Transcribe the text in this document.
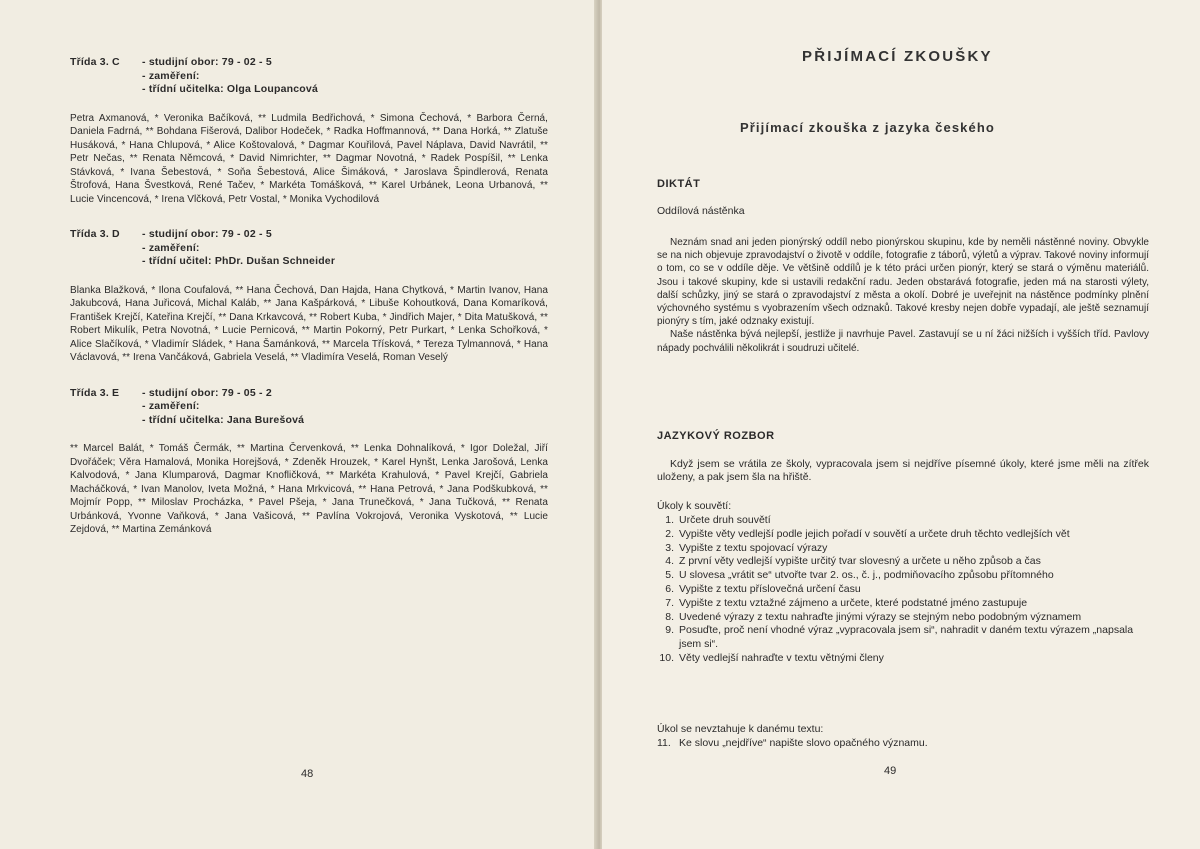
Třída 3. C	- studijní obor: 79 - 02 - 5
- zaměření:
- třídní učitelka: Olga Loupancová
Petra Axmanová, * Veronika Bačíková, ** Ludmila Bedřichová, * Simona Čechová, * Barbora Černá, Daniela Fadrná, ** Bohdana Fišerová, Dalibor Hodeček, * Radka Hoffmannová, ** Dana Horká, ** Zlatuše Husáková, * Hana Chlupová, * Alice Koštovalová, * Dagmar Kouřilová, Pavel Náplava, David Navrátil, ** Petr Nečas, ** Renata Němcová, * David Nimrichter, ** Dagmar Novotná, * Radek Pospíšil, ** Lenka Stávková, * Ivana Šebestová, * Soňa Šebestová, Alice Šimáková, * Jaroslava Špindlerová, Renata Štrofová, Hana Švestková, René Tačev, * Markéta Tomášková, ** Karel Urbánek, Leona Urbanová, ** Lucie Vincencová, * Irena Vlčková, Petr Vostal, * Monika Vychodilová
Třída 3. D	- studijní obor: 79 - 02 - 5
- zaměření:
- třídní učitel: PhDr. Dušan Schneider
Blanka Blažková, * Ilona Coufalová, ** Hana Čechová, Dan Hajda, Hana Chytková, * Martin Ivanov, Hana Jakubcová, Hana Juřicová, Michal Kaláb, ** Jana Kašpárková, * Libuše Kohoutková, Dana Komaríková, František Krejčí, Kateřina Krejčí, ** Dana Krkavcová, ** Robert Kuba, * Jindřich Majer, * Dita Matušková, ** Robert Mikulík, Petra Novotná, * Lucie Pernicová, ** Martin Pokorný, Petr Purkart, * Lenka Schořková, * Alice Slačíková, * Vladimír Sládek, * Hana Šamánková, ** Marcela Třísková, * Tereza Tylmannová, * Hana Václavová, ** Irena Vančáková, Gabriela Veselá, ** Vladimíra Veselá, Roman Veselý
Třída 3. E	- studijní obor: 79 - 05 - 2
- zaměření:
- třídní učitelka: Jana Burešová
** Marcel Balát, * Tomáš Čermák, ** Martina Červenková, ** Lenka Dohnalíková, * Igor Doležal, Jiří Dvořáček; Věra Hamalová, Monika Horejšová, * Zdeněk Hrouzek, * Karel Hynšt, Lenka Jarošová, Lenka Kalvodová, * Jana Klumparová, Dagmar Knofličková, ** Markéta Krahulová, * Pavel Krejčí, Gabriela Macháčková, * Ivan Manolov, Iveta Možná, * Hana Mrkvicová, ** Hana Petrová, * Jana Podškubková, ** Mojmír Popp, ** Miloslav Procházka, * Pavel Pšeja, * Jana Trunečková, * Jana Tučková, ** Renata Urbánková, Yvonne Vaňková, * Jana Vašicová, ** Pavlína Vokrojová, Veronika Vyskotová, ** Lucie Zejdová, ** Martina Zemánková
48
PŘIJÍMACÍ ZKOUŠKY
Přijímací zkouška z jazyka českého
DIKTÁT
Oddílová nástěnka
Neznám snad ani jeden pionýrský oddíl nebo pionýrskou skupinu, kde by neměli nástěnné noviny. Obvykle se na nich objevuje zpravodajství o životě v oddíle, fotografie z táborů, výletů a výprav. Takové noviny informují o tom, co se v oddíle děje. Ve většině oddílů je k této práci určen pionýr, který se stará o výměnu materiálů. Jsou i takové skupiny, kde si ustavili redakční radu. Jeden obstarává fotografie, jeden má na starosti výlety, další schůzky, jiný se stará o zpravodajství z města a okolí. Dobré je uveřejnit na nástěnce podmínky plnění výchovného systému s vyobrazením všech odznaků. Takové kresby nejen dobře vypadají, ale ještě seznamují pionýry s tím, jaké odznaky existují.
Naše nástěnka bývá nejlepší, jestliže ji navrhuje Pavel. Zastavují se u ní žáci nižších i vyšších tříd. Pavlovy nápady pochválili několikrát i soudruzi učitelé.
JAZYKOVÝ ROZBOR
Když jsem se vrátila ze školy, vypracovala jsem si nejdříve písemné úkoly, které jsme měli na zítřek uloženy, a pak jsem šla na hřiště.
Úkoly k souvětí:
1. Určete druh souvětí
2. Vypište věty vedlejší podle jejich pořadí v souvětí a určete druh těchto vedlejších vět
3. Vypište z textu spojovací výrazy
4. Z první věty vedlejší vypište určitý tvar slovesný a určete u něho způsob a čas
5. U slovesa „vrátit se“ utvořte tvar 2. os., č. j., podmiňovacího způsobu přítomného
6. Vypište z textu příslovečná určení času
7. Vypište z textu vztažné zájmeno a určete, které podstatné jméno zastupuje
8. Uvedené výrazy z textu nahraďte jinými výrazy se stejným nebo podobným významem
9. Posuďte, proč není vhodné výraz „vypracovala jsem si“, nahradit v daném textu výrazem „napsala jsem si“.
10. Věty vedlejší nahraďte v textu větnými členy
Úkol se nevztahuje k danému textu:
11. Ke slovu „nejdříve“ napište slovo opačného významu.
49
